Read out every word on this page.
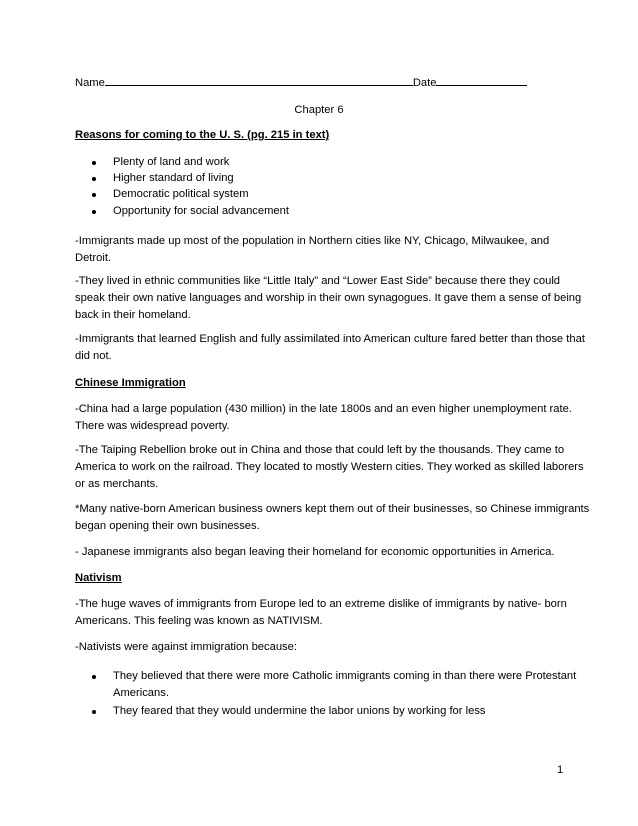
Name	Date
Chapter 6
Reasons for coming to the U. S. (pg. 215 in text)
Plenty of land and work
Higher standard of living
Democratic political system
Opportunity for social advancement
-Immigrants made up most of the population in Northern cities like NY, Chicago, Milwaukee, and
Detroit.
-They lived in ethnic communities like “Little Italy” and “Lower East Side” because there they could
speak their own native languages and worship in their own synagogues. It gave them a sense of being
back in their homeland.
-Immigrants that learned English and fully assimilated into American culture fared better than those that
did not.
Chinese Immigration
-China had a large population (430 million) in the late 1800s and an even higher unemployment rate.
There was widespread poverty.
-The Taiping Rebellion broke out in China and those that could left by the thousands. They came to
America to work on the railroad. They located to mostly Western cities. They worked as skilled laborers
or as merchants.
*Many native-born American business owners kept them out of their businesses, so Chinese immigrants
began opening their own businesses.
- Japanese immigrants also began leaving their homeland for economic opportunities in America.
Nativism
-The huge waves of immigrants from Europe led to an extreme dislike of immigrants by native- born
Americans. This feeling was known as NATIVISM.
-Nativists were against immigration because:
They believed that there were more Catholic immigrants coming in than there were Protestant
Americans.
They feared that they would undermine the labor unions by working for less
1
